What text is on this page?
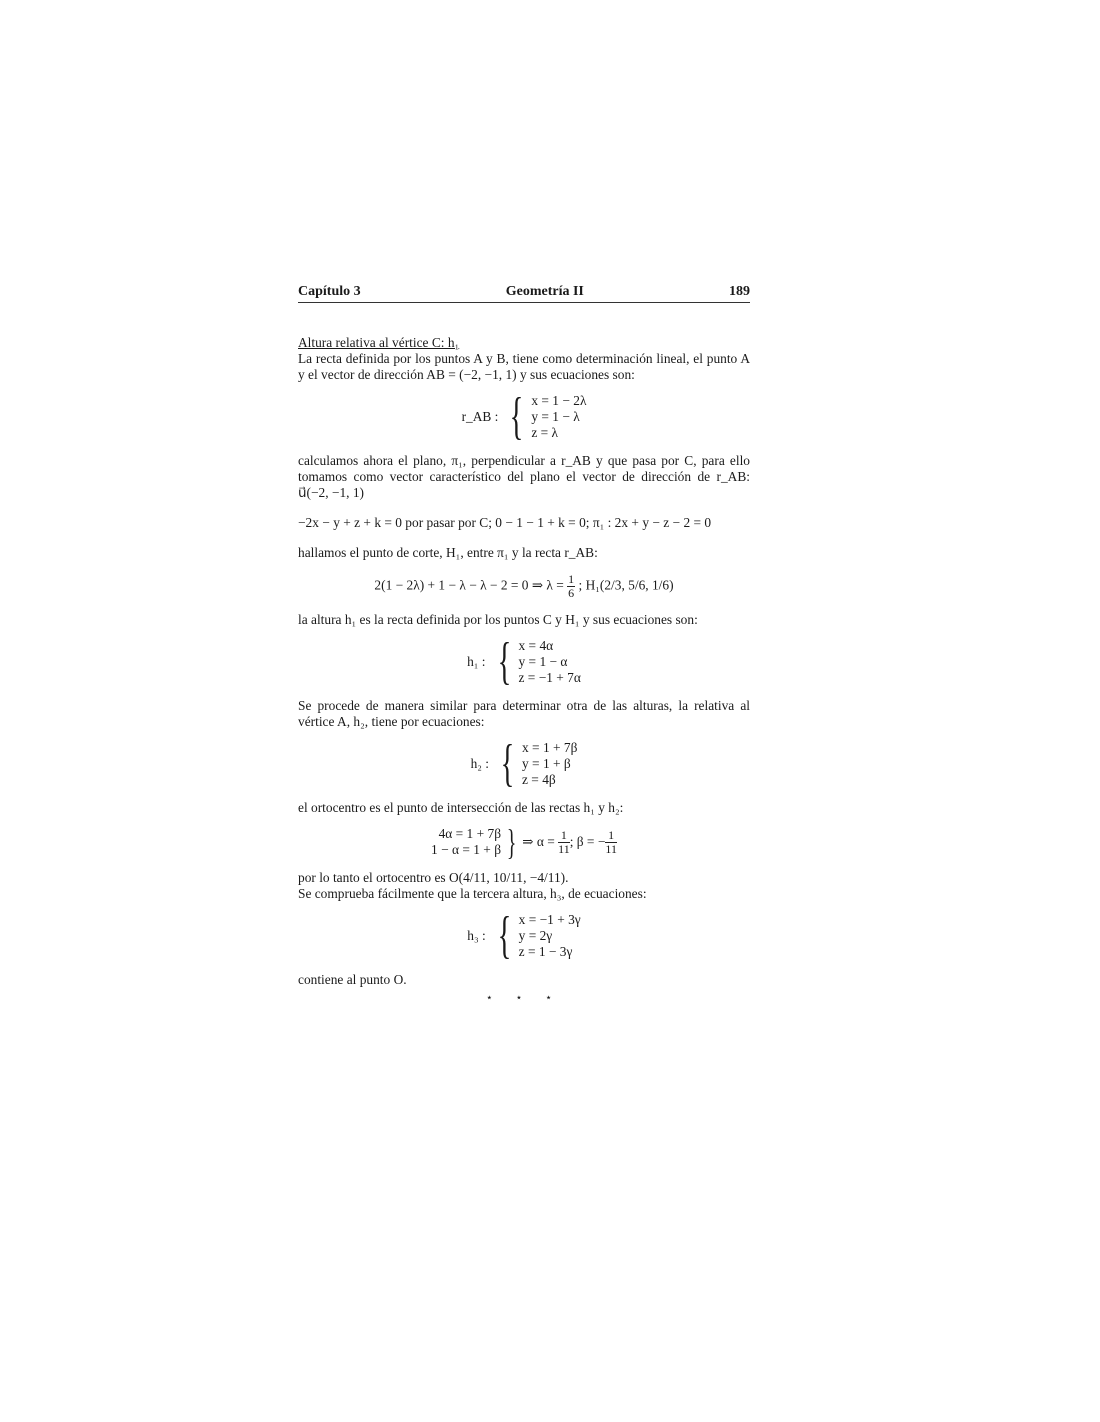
Capítulo 3	Geometría II	189
Altura relativa al vértice C: h₁

La recta definida por los puntos A y B, tiene como determinación lineal, el punto A y el vector de dirección AB = (−2, −1, 1) y sus ecuaciones son:

r_AB : { x = 1 − 2λ
y = 1 − λ
z = λ

calculamos ahora el plano, π₁, perpendicular a r_AB y que pasa por C, para ello tomamos como vector característico del plano el vector de dirección de r_AB: u⃗(−2, −1, 1)

−2x − y + z + k = 0 por pasar por C; 0 − 1 − 1 + k = 0; π₁ : 2x + y − z − 2 = 0

hallamos el punto de corte, H₁, entre π₁ y la recta r_AB:

2(1 − 2λ) + 1 − λ − λ − 2 = 0 ⇒ $\lambda = \frac{1}{6}$ ; H₁(2/3, 5/6, 1/6)

la altura h₁ es la recta definida por los puntos C y H₁ y sus ecuaciones son:

h₁ : { x = 4α
y = 1 − α
z = −1 + 7α

Se procede de manera similar para determinar otra de las alturas, la relativa al vértice A, h₂, tiene por ecuaciones:

h₂ : { x = 1 + 7β
y = 1 + β
z = 4β

el ortocentro es el punto de intersección de las rectas h₁ y h₂:

4α = 1 + 7β
1 − α = 1 + β } ⇒ α =
$\frac{1}{11}$ ; β = − $\frac{1}{11}$

por lo tanto el ortocentro es O(4/11, 10/11, −4/11).

Se comprueba fácilmente que la tercera altura, h₃, de ecuaciones:

h₃ : { x = −1 + 3γ
y = 2γ
z = 1 − 3γ

contiene al punto O.

⋆ ⋆ ⋆
